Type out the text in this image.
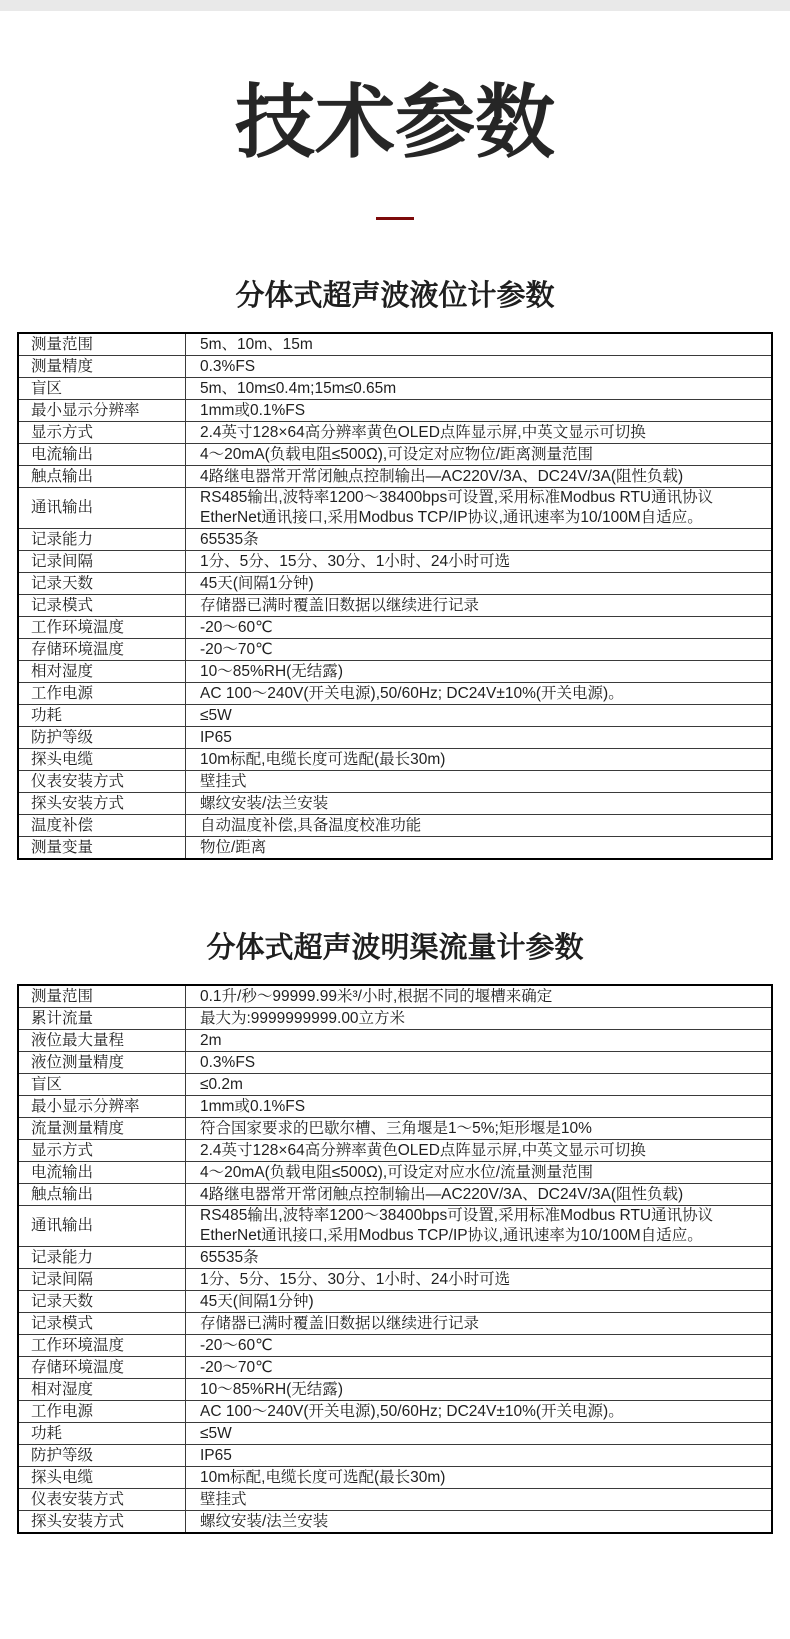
技术参数
分体式超声波液位计参数
测量范围	5m、10m、15m
测量精度	0.3%FS
盲区	5m、10m≤0.4m;15m≤0.65m
最小显示分辨率	1mm或0.1%FS
显示方式	2.4英寸128×64高分辨率黄色OLED点阵显示屏,中英文显示可切换
电流输出	4～20mA(负载电阻≤500Ω),可设定对应物位/距离测量范围
触点输出	4路继电器常开常闭触点控制输出—AC220V/3A、DC24V/3A(阻性负载)
通讯输出	RS485输出,波特率1200～38400bps可设置,采用标准Modbus RTU通讯协议
EtherNet通讯接口,采用Modbus TCP/IP协议,通讯速率为10/100M自适应。
记录能力	65535条
记录间隔	1分、5分、15分、30分、1小时、24小时可选
记录天数	45天(间隔1分钟)
记录模式	存储器已满时覆盖旧数据以继续进行记录
工作环境温度	-20～60℃
存储环境温度	-20～70℃
相对湿度	10～85%RH(无结露)
工作电源	AC 100～240V(开关电源),50/60Hz; DC24V±10%(开关电源)。
功耗	≤5W
防护等级	IP65
探头电缆	10m标配,电缆长度可选配(最长30m)
仪表安装方式	壁挂式
探头安装方式	螺纹安装/法兰安装
温度补偿	自动温度补偿,具备温度校准功能
测量变量	物位/距离
分体式超声波明渠流量计参数
测量范围	0.1升/秒～99999.99米³/小时,根据不同的堰槽来确定
累计流量	最大为:9999999999.00立方米
液位最大量程	2m
液位测量精度	0.3%FS
盲区	≤0.2m
最小显示分辨率	1mm或0.1%FS
流量测量精度	符合国家要求的巴歇尔槽、三角堰是1～5%;矩形堰是10%
显示方式	2.4英寸128×64高分辨率黄色OLED点阵显示屏,中英文显示可切换
电流输出	4～20mA(负载电阻≤500Ω),可设定对应水位/流量测量范围
触点输出	4路继电器常开常闭触点控制输出—AC220V/3A、DC24V/3A(阻性负载)
通讯输出	RS485输出,波特率1200～38400bps可设置,采用标准Modbus RTU通讯协议
EtherNet通讯接口,采用Modbus TCP/IP协议,通讯速率为10/100M自适应。
记录能力	65535条
记录间隔	1分、5分、15分、30分、1小时、24小时可选
记录天数	45天(间隔1分钟)
记录模式	存储器已满时覆盖旧数据以继续进行记录
工作环境温度	-20～60℃
存储环境温度	-20～70℃
相对湿度	10～85%RH(无结露)
工作电源	AC 100～240V(开关电源),50/60Hz; DC24V±10%(开关电源)。
功耗	≤5W
防护等级	IP65
探头电缆	10m标配,电缆长度可选配(最长30m)
仪表安装方式	壁挂式
探头安装方式	螺纹安装/法兰安装
